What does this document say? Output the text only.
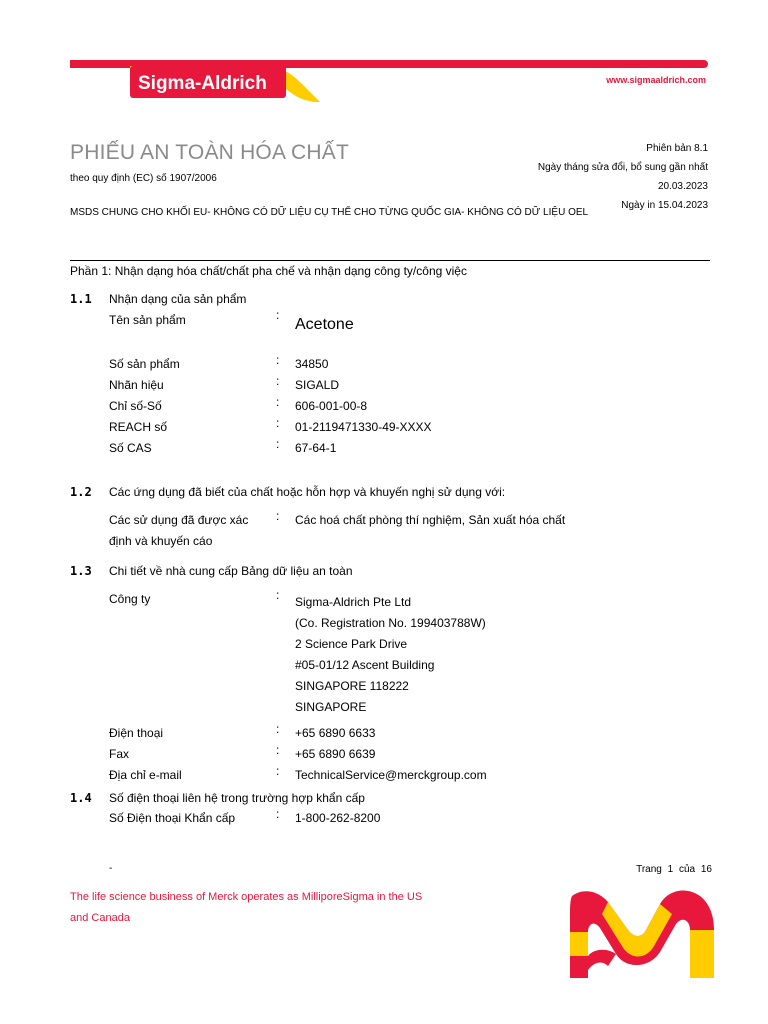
Sigma-Aldrich	www.sigmaaldrich.com
PHIẾU AN TOÀN HÓA CHẤT
theo quy định (EC) số 1907/2006
Phiên bản 8.1
Ngày tháng sửa đổi, bổ sung gần nhất
20.03.2023
Ngày in 15.04.2023
MSDS CHUNG CHO KHỐI EU- KHÔNG CÓ DỮ LIỆU CỤ THỂ CHO TỪNG QUỐC GIA- KHÔNG CÓ DỮ LIỆU OEL
Phần 1: Nhận dạng hóa chất/chất pha chế và nhận dạng công ty/công việc
1.1 Nhận dạng của sản phẩm
Tên sản phẩm	:
Acetone
Số sản phẩm	: 34850
Nhãn hiệu	: SIGALD
Chỉ số-Số	: 606-001-00-8
REACH số	: 01-2119471330-49-XXXX
Số CAS	: 67-64-1
1.2 Các ứng dụng đã biết của chất hoặc hỗn hợp và khuyến nghị sử dụng với:
Các sử dụng đã được xác
định và khuyến cáo
: Các hoá chất phòng thí nghiệm, Sản xuất hóa chất
1.3 Chi tiết về nhà cung cấp Bảng dữ liệu an toàn
Công ty	: Sigma-Aldrich Pte Ltd
(Co. Registration No. 199403788W)
2 Science Park Drive
#05-01/12 Ascent Building
SINGAPORE 118222
SINGAPORE
Điện thoại	: +65 6890 6633
Fax	: +65 6890 6639
Địa chỉ e-mail	: TechnicalService@merckgroup.com
1.4 Số điện thoại liên hệ trong trường hợp khẩn cấp
Số Điện thoại Khẩn cấp	: 1-800-262-8200
-	Trang 1 của 16
The life science business of Merck operates as MilliporeSigma in the US
and Canada
